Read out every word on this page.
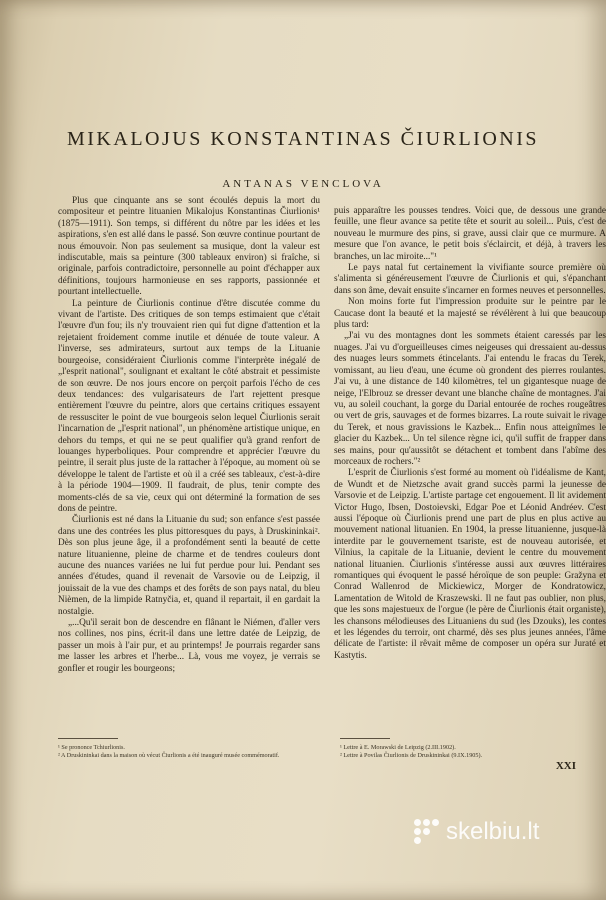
MIKALOJUS KONSTANTINAS ČIURLIONIS
ANTANAS VENCLOVA

Plus que cinquante ans se sont écoulés depuis la mort du compositeur et peintre lituanien Mikalojus Konstantinas Čiurlionis¹ (1875—1911). Son temps, si différent du nôtre par les idées et les aspirations, s'en est allé dans le passé. Son œuvre continue pourtant de nous émouvoir. Non pas seulement sa musique, dont la valeur est indiscutable, mais sa peinture (300 tableaux environ) si fraîche, si originale, parfois contradictoire, personnelle au point d'échapper aux définitions, toujours harmonieuse en ses rapports, passionnée et pourtant intellectuelle.

La peinture de Čiurlionis continue d'être discutée comme du vivant de l'artiste. Des critiques de son temps estimaient que c'était l'œuvre d'un fou; ils n'y trouvaient rien qui fut digne d'attention et la rejetaient froidement comme inutile et dénuée de toute valeur. A l'inverse, ses admirateurs, surtout aux temps de la Lituanie bourgeoise, considéraient Čiurlionis comme l'interprète inégalé de „l'esprit national", soulignant et exaltant le côté abstrait et pessimiste de son œuvre. De nos jours encore on perçoit parfois l'écho de ces deux tendances: des vulgarisateurs de l'art rejettent presque entièrement l'œuvre du peintre, alors que certains critiques essayent de ressusciter le point de vue bourgeois selon lequel Čiurlionis serait l'incarnation de „l'esprit national", un phénomène artistique unique, en dehors du temps, et qui ne se peut qualifier qu'à grand renfort de louanges hyperboliques. Pour comprendre et apprécier l'œuvre du peintre, il serait plus juste de la rattacher à l'époque, au moment où se développe le talent de l'artiste et où il a créé ses tableaux, c'est-à-dire à la période 1904—1909. Il faudrait, de plus, tenir compte des moments-clés de sa vie, ceux qui ont déterminé la formation de ses dons de peintre.

Čiurlionis est né dans la Lituanie du sud; son enfance s'est passée dans une des contrées les plus pittoresques du pays, à Druskininkai². Dès son plus jeune âge, il a profondément senti la beauté de cette nature lituanienne, pleine de charme et de tendres couleurs dont aucune des nuances variées ne lui fut perdue pour lui. Pendant ses années d'études, quand il revenait de Varsovie ou de Leipzig, il jouissait de la vue des champs et des forêts de son pays natal, du bleu Nièmen, de la limpide Ratnyčia, et, quand il repartait, il en gardait la nostalgie.

„...Qu'il serait bon de descendre en flânant le Niémen, d'aller vers nos collines, nos pins, écrit-il dans une lettre datée de Leipzig, de passer un mois à l'air pur, et au printemps! Je pourrais regarder sans me lasser les arbres et l'herbe... Là, vous me voyez, je verrais se gonfler et rougir les bourgeons;

puis apparaître les pousses tendres. Voici que, de dessous une grande feuille, une fleur avance sa petite tête et sourit au soleil... Puis, c'est de nouveau le murmure des pins, si grave, aussi clair que ce murmure. A mesure que l'on avance, le petit bois s'éclaircit, et déjà, à travers les branches, un lac miroite..."¹

Le pays natal fut certainement la vivifiante source première où s'alimenta si généreusement l'œuvre de Čiurlionis et qui, s'épanchant dans son âme, devait ensuite s'incarner en formes neuves et personnelles.

Non moins forte fut l'impression produite sur le peintre par le Caucase dont la beauté et la majesté se révélèrent à lui que beaucoup plus tard:

„J'ai vu des montagnes dont les sommets étaient caressés par les nuages. J'ai vu d'orgueilleuses cimes neigeuses qui dressaient au-dessus des nuages leurs sommets étincelants. J'ai entendu le fracas du Terek, vomissant, au lieu d'eau, une écume où grondent des pierres roulantes. J'ai vu, à une distance de 140 kilomètres, tel un gigantesque nuage de neige, l'Elbrouz se dresser devant une blanche chaîne de montagnes. J'ai vu, au soleil couchant, la gorge du Darial entourée de roches rougeâtres ou vert de gris, sauvages et de formes bizarres. La route suivait le rivage du Terek, et nous gravissions le Kazbek... Enfin nous atteignîmes le glacier du Kazbek... Un tel silence règne ici, qu'il suffit de frapper dans ses mains, pour qu'aussitôt se détachent et tombent dans l'abîme des morceaux de rochers."²

L'esprit de Čiurlionis s'est formé au moment où l'idéalisme de Kant, de Wundt et de Nietzsche avait grand succès parmi la jeunesse de Varsovie et de Leipzig. L'artiste partage cet engouement. Il lit avidement Victor Hugo, Ibsen, Dostoievski, Edgar Poe et Léonid Andréev. C'est aussi l'époque où Čiurlionis prend une part de plus en plus active au mouvement national lituanien. En 1904, la presse lituanienne, jusque-là interdite par le gouvernement tsariste, est de nouveau autorisée, et Vilnius, la capitale de la Lituanie, devient le centre du mouvement national lituanien. Čiurlionis s'intéresse aussi aux œuvres littéraires romantiques qui évoquent le passé héroïque de son peuple: Gražyna et Conrad Wallenrod de Mickiewicz, Morger de Kondratowicz, Lamentation de Witold de Kraszewski. Il ne faut pas oublier, non plus, que les sons majestueux de l'orgue (le père de Čiurlionis était organiste), les chansons mélodieuses des Lituaniens du sud (les Dzouks), les contes et les légendes du terroir, ont charmé, dès ses plus jeunes années, l'âme délicate de l'artiste: il rêvait même de composer un opéra sur Juraté et Kastytis.

¹ Se prononce Tchiurlionis.

² A Druskininkai dans la maison où vécut Čiurlionis a été inauguré musée commémoratif.

¹ Lettre à E. Morawski de Leipzig (2.III.1902).

² Lettre à Povilas Čiurlionis de Druskininkai (9.IX.1905).

XXI
skelbiu.lt
